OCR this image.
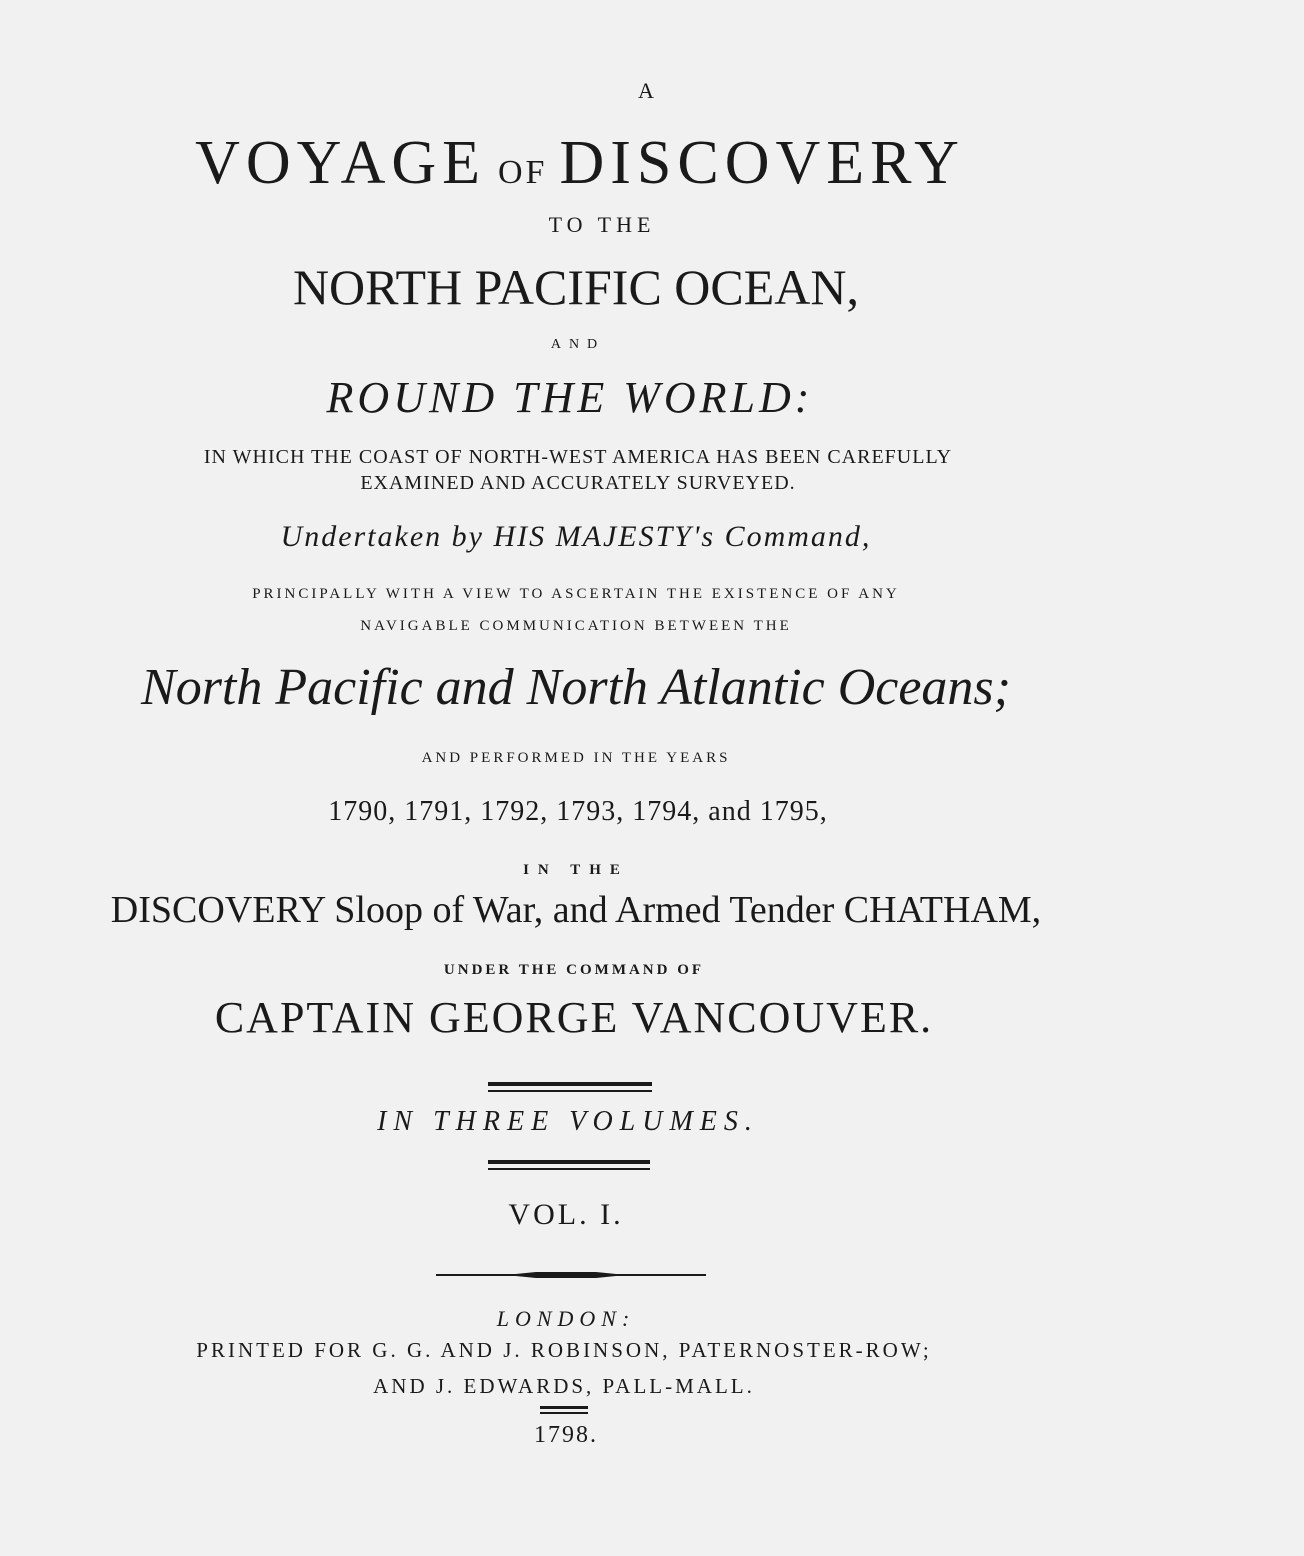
A
VOYAGE OF DISCOVERY
TO THE
NORTH PACIFIC OCEAN,
AND
ROUND THE WORLD:
IN WHICH THE COAST OF NORTH-WEST AMERICA HAS BEEN CAREFULLY
EXAMINED AND ACCURATELY SURVEYED.
Undertaken by HIS MAJESTY's Command,
PRINCIPALLY WITH A VIEW TO ASCERTAIN THE EXISTENCE OF ANY
NAVIGABLE COMMUNICATION BETWEEN THE
North Pacific and North Atlantic Oceans;
AND PERFORMED IN THE YEARS
1790, 1791, 1792, 1793, 1794, and 1795,
IN THE
DISCOVERY Sloop of War, and Armed Tender CHATHAM,
UNDER THE COMMAND OF
CAPTAIN GEORGE VANCOUVER.
IN THREE VOLUMES.
VOL. I.
LONDON:
PRINTED FOR G. G. AND J. ROBINSON, PATERNOSTER-ROW;
AND J. EDWARDS, PALL-MALL.
1798.
